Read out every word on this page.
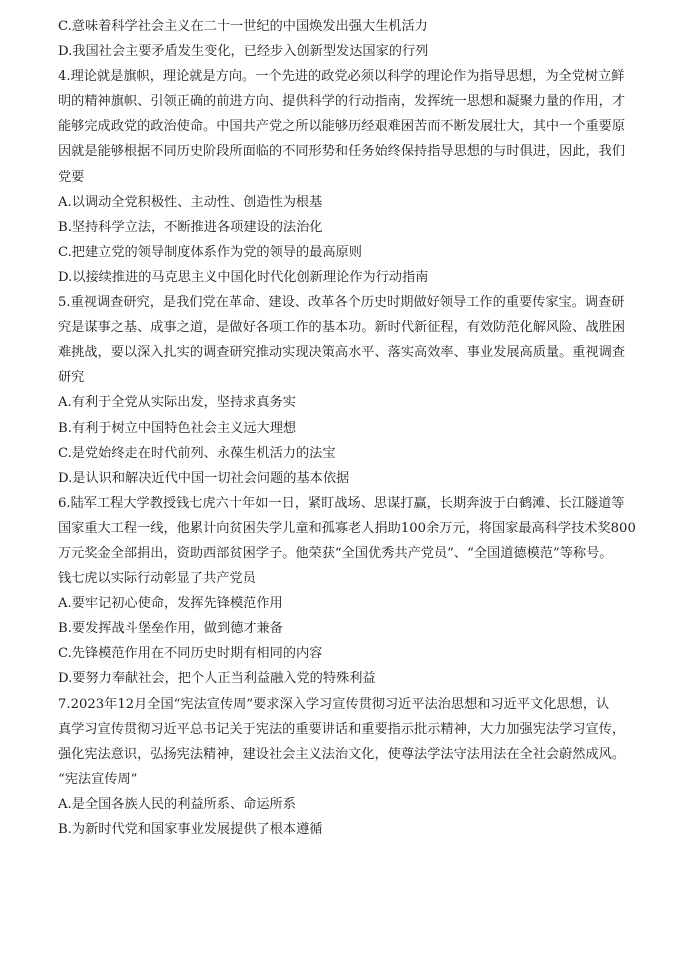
C.意味着科学社会主义在二十一世纪的中国焕发出强大生机活力
D.我国社会主要矛盾发生变化，已经步入创新型发达国家的行列
4.理论就是旗帜，理论就是方向。一个先进的政党必须以科学的理论作为指导思想，为全党树立鲜
明的精神旗帜、引领正确的前进方向、提供科学的行动指南，发挥统一思想和凝聚力量的作用，才
能够完成政党的政治使命。中国共产党之所以能够历经艰难困苦而不断发展壮大，其中一个重要原
因就是能够根据不同历史阶段所面临的不同形势和任务始终保持指导思想的与时俱进，因此，我们
党要
A.以调动全党积极性、主动性、创造性为根基
B.坚持科学立法，不断推进各项建设的法治化
C.把建立党的领导制度体系作为党的领导的最高原则
D.以接续推进的马克思主义中国化时代化创新理论作为行动指南
5.重视调查研究，是我们党在革命、建设、改革各个历史时期做好领导工作的重要传家宝。调查研
究是谋事之基、成事之道，是做好各项工作的基本功。新时代新征程，有效防范化解风险、战胜困
难挑战，要以深入扎实的调查研究推动实现决策高水平、落实高效率、事业发展高质量。重视调查
研究
A.有利于全党从实际出发，坚持求真务实
B.有利于树立中国特色社会主义远大理想
C.是党始终走在时代前列、永葆生机活力的法宝
D.是认识和解决近代中国一切社会问题的基本依据
6.陆军工程大学教授钱七虎六十年如一日，紧盯战场、思谋打赢，长期奔波于白鹤滩、长江隧道等
国家重大工程一线，他累计向贫困失学儿童和孤寡老人捐助100余万元，将国家最高科学技术奖800
万元奖金全部捐出，资助西部贫困学子。他荣获“全国优秀共产党员”、“全国道德模范”等称号。
钱七虎以实际行动彰显了共产党员
A.要牢记初心使命，发挥先锋模范作用
B.要发挥战斗堡垒作用，做到德才兼备
C.先锋模范作用在不同历史时期有相同的内容
D.要努力奉献社会，把个人正当利益融入党的特殊利益
7.2023年12月全国“宪法宣传周”要求深入学习宣传贯彻习近平法治思想和习近平文化思想，认
真学习宣传贯彻习近平总书记关于宪法的重要讲话和重要指示批示精神，大力加强宪法学习宣传，
强化宪法意识，弘扬宪法精神，建设社会主义法治文化，使尊法学法守法用法在全社会蔚然成风。
“宪法宣传周”
A.是全国各族人民的利益所系、命运所系
B.为新时代党和国家事业发展提供了根本遵循
